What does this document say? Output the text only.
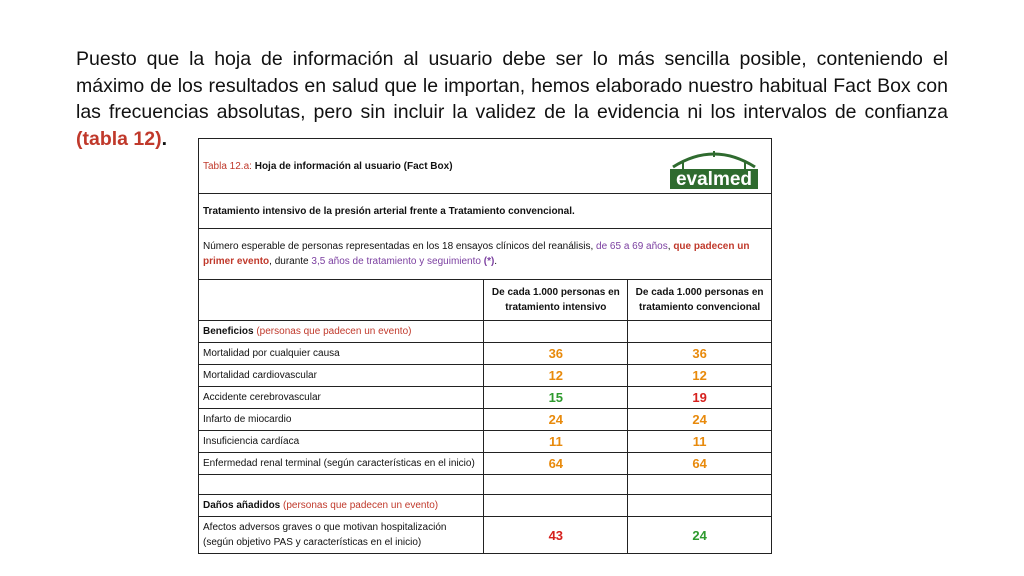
Puesto que la hoja de información al usuario debe ser lo más sencilla posible, conteniendo el máximo de los resultados en salud que le importan, hemos elaborado nuestro habitual Fact Box con las frecuencias absolutas, pero sin incluir la validez de la evidencia ni los intervalos de confianza (tabla 12).
Tabla 12.a: Hoja de información al usuario (Fact Box)
evalmed		

Tratamiento intensivo de la presión arterial frente a Tratamiento convencional.		
Número esperable de personas representadas en los 18 ensayos clínicos del reanálisis, de 65 a 69 años, que padecen un primer evento, durante 3,5 años de tratamiento y seguimiento (*).		
	De cada 1.000 personas en tratamiento intensivo	De cada 1.000 personas en tratamiento convencional
Beneficios (personas que padecen un evento)		
Mortalidad por cualquier causa	36	36
Mortalidad cardiovascular	12	12
Accidente cerebrovascular	15	19
Infarto de miocardio	24	24
Insuficiencia cardíaca	11	11
Enfermedad renal terminal (según características en el inicio)	64	64

Daños añadidos (personas que padecen un evento)		
Afectos adversos graves o que motivan hospitalización (según objetivo PAS y características en el inicio)	43	24
